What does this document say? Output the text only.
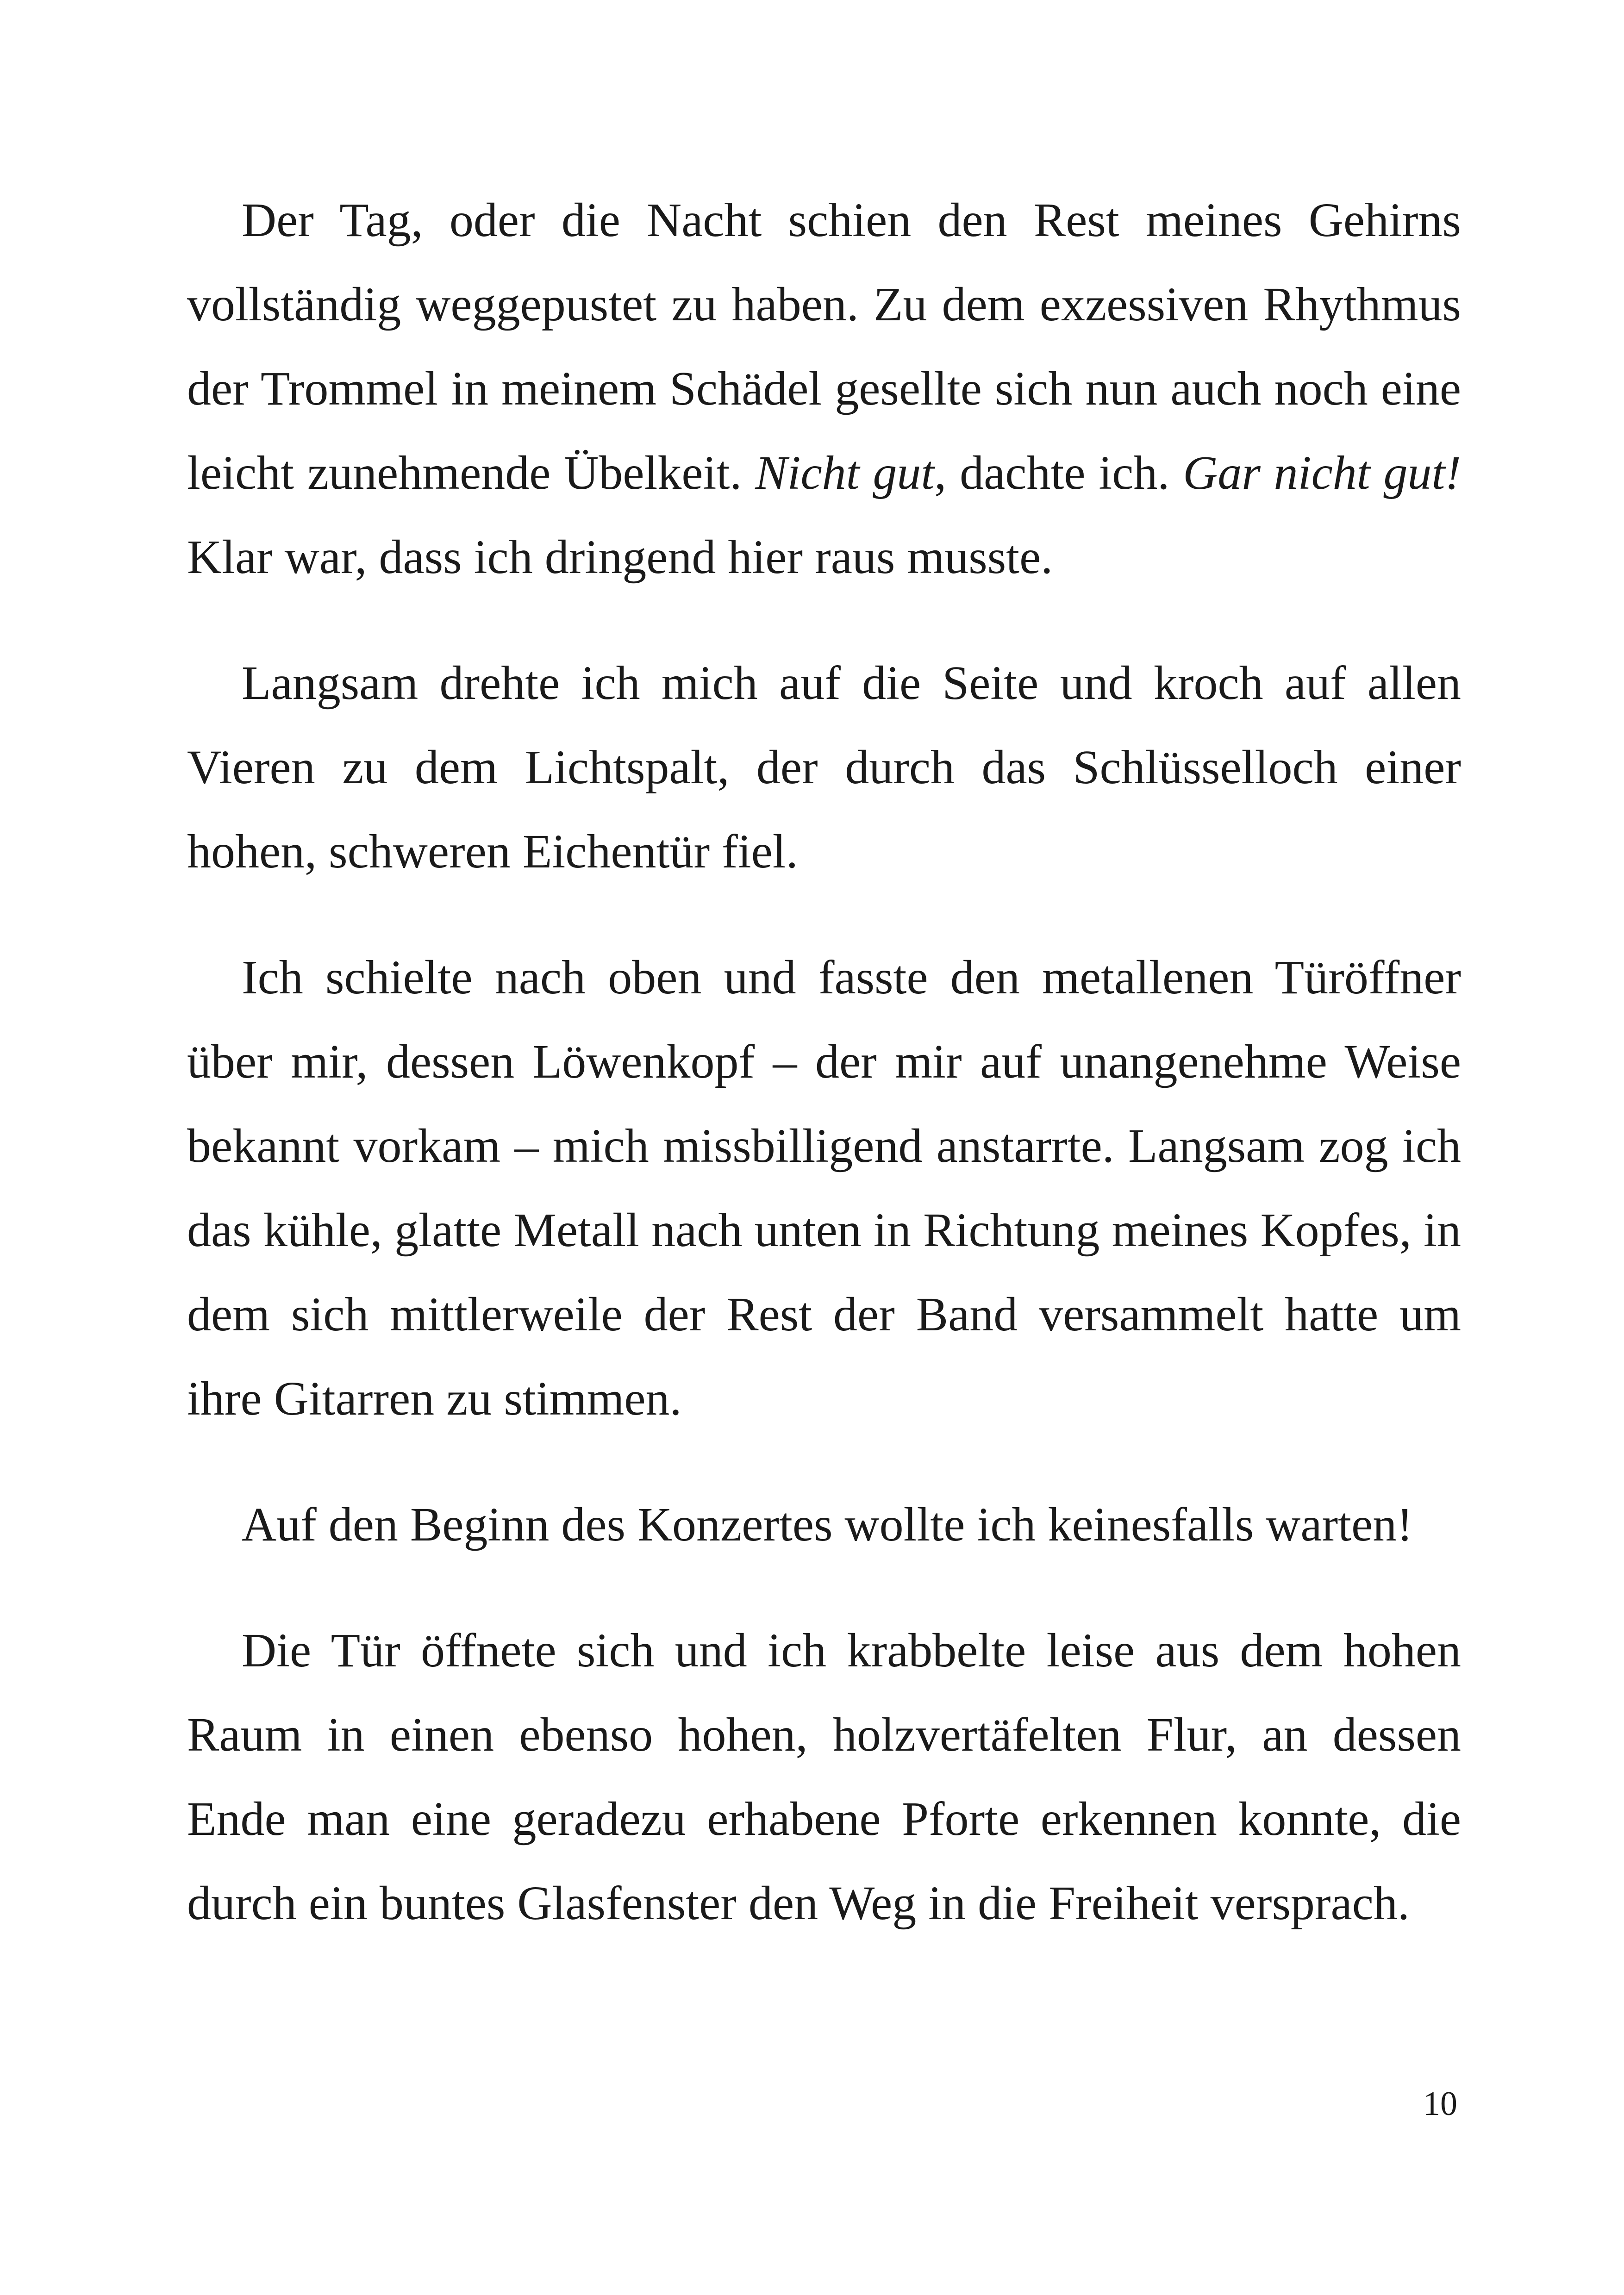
Der Tag, oder die Nacht schien den Rest meines Gehirns vollständig weggepustet zu haben. Zu dem exzessiven Rhythmus der Trommel in meinem Schädel gesellte sich nun auch noch eine leicht zunehmende Übelkeit. Nicht gut, dachte ich. Gar nicht gut! Klar war, dass ich dringend hier raus musste.

Langsam drehte ich mich auf die Seite und kroch auf allen Vieren zu dem Lichtspalt, der durch das Schlüsselloch einer hohen, schweren Eichentür fiel.

Ich schielte nach oben und fasste den metallenen Türöffner über mir, dessen Löwenkopf – der mir auf unangenehme Weise bekannt vorkam – mich missbilligend anstarrte. Langsam zog ich das kühle, glatte Metall nach unten in Richtung meines Kopfes, in dem sich mittlerweile der Rest der Band versammelt hatte um ihre Gitarren zu stimmen.

Auf den Beginn des Konzertes wollte ich keinesfalls warten!

Die Tür öffnete sich und ich krabbelte leise aus dem hohen Raum in einen ebenso hohen, holzvertäfelten Flur, an dessen Ende man eine geradezu erhabene Pforte erkennen konnte, die durch ein buntes Glasfenster den Weg in die Freiheit versprach.

10
